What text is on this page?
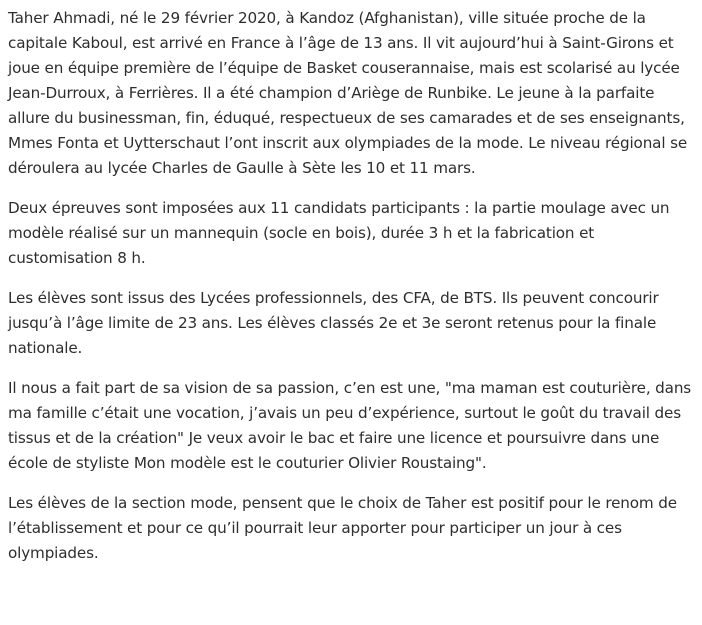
Taher Ahmadi, né le 29 février 2020, à Kandoz (Afghanistan), ville située proche de la capitale Kaboul, est arrivé en France à l’âge de 13 ans. Il vit aujourd’hui à Saint-Girons et joue en équipe première de l’équipe de Basket couserannaise, mais est scolarisé au lycée Jean-Durroux, à Ferrières. Il a été champion d’Ariège de Runbike. Le jeune à la parfaite allure du businessman, fin, éduqué, respectueux de ses camarades et de ses enseignants, Mmes Fonta et Uytterschaut l’ont inscrit aux olympiades de la mode. Le niveau régional se déroulera au lycée Charles de Gaulle à Sète les 10 et 11 mars.

Deux épreuves sont imposées aux 11 candidats participants : la partie moulage avec un modèle réalisé sur un mannequin (socle en bois), durée 3 h et la fabrication et customisation 8 h.

Les élèves sont issus des Lycées professionnels, des CFA, de BTS. Ils peuvent concourir jusqu’à l’âge limite de 23 ans. Les élèves classés 2e et 3e seront retenus pour la finale nationale.

Il nous a fait part de sa vision de sa passion, c’en est une, "ma maman est couturière, dans ma famille c’était une vocation, j’avais un peu d’expérience, surtout le goût du travail des tissus et de la création" Je veux avoir le bac et faire une licence et poursuivre dans une école de styliste Mon modèle est le couturier Olivier Roustaing".

Les élèves de la section mode, pensent que le choix de Taher est positif pour le renom de l’établissement et pour ce qu’il pourrait leur apporter pour participer un jour à ces olympiades.
